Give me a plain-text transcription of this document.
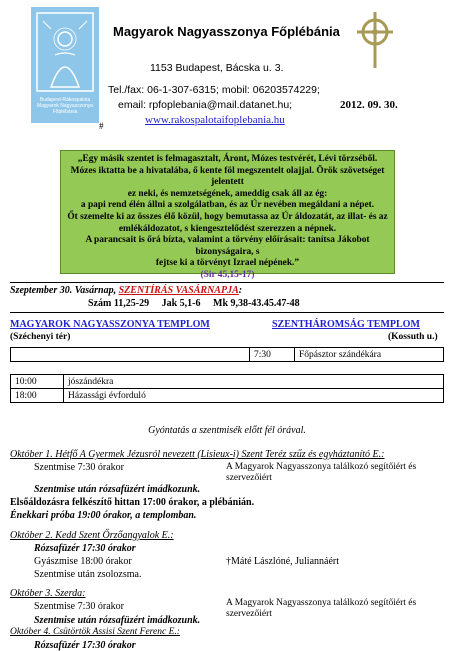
Budapest-Rákospalota Magyarok Nagyasszonya Főplébánia
#
Magyarok Nagyasszonya Főplébánia
1153 Budapest, Bácska u. 3.
Tel./fax: 06-1-307-6315; mobil: 06203574229;
email: rpfoplebania@mail.datanet.hu;
www.rakospalotaifoplebania.hu
2012. 09. 30.
„Egy másik szentet is felmagasztalt, Áront, Mózes testvérét, Lévi törzséből.
Mózes iktatta be a hivatalába, ő kente föl megszentelt olajjal. Örök szövetséget jelentett
ez neki, és nemzetségének, ameddig csak áll az ég:
a papi rend élén állni a szolgálatban, és az Úr nevében megáldani a népet.
Őt szemelte ki az összes élő közül, hogy bemutassa az Úr áldozatát, az illat- és az
emlékáldozatot, s kiengesztelődést szerezzen a népnek.
A parancsait is őrá bízta, valamint a törvény előírásait: tanítsa Jákobot bizonyságaira, s
fejtse ki a törvényt Izrael népének.”
(Sir 45,15-17)
Szeptember 30. Vasárnap, SZENTÍRÁS VASÁRNAPJA:
Szám 11,25-29     Jak 5,1-6     Mk 9,38-43.45.47-48
MAGYAROK NAGYASSZONYA TEMPLOM	SZENTHÁROMSÁG TEMPLOM
(Széchenyi tér)	(Kossuth u.)
	7:30	Főpásztor szándékára
10:00	jószándékra
18:00	Házassági évforduló
Gyóntatás a szentmisék előtt fél órával.
Október 1. Hétfő A Gyermek Jézusról nevezett (Lisieux-i) Szent Teréz szűz és egyháztanító E.:
Szentmise 7:30 órakor	A Magyarok Nagyasszonya találkozó segítőiért és szervezőiért
Szentmise után rózsafüzért imádkozunk.
Elsőáldozásra felkészítő hittan 17:00 órakor, a plébánián.
Énekkari próba 19:00 órakor, a templomban.
Október 2. Kedd Szent Őrzőangyalok E.:
Rózsafüzér 17:30 órakor
Gyászmise 18:00 órakor	†Máté Lászlóné, Juliannáért
Szentmise után zsolozsma.
Október 3. Szerda:
Szentmise 7:30 órakor	A Magyarok Nagyasszonya találkozó segítőiért és szervezőiért
Szentmise után rózsafüzért imádkozunk.
Október 4. Csütörtök Assisi Szent Ferenc E.:
Rózsafüzér 17:30 órakor
